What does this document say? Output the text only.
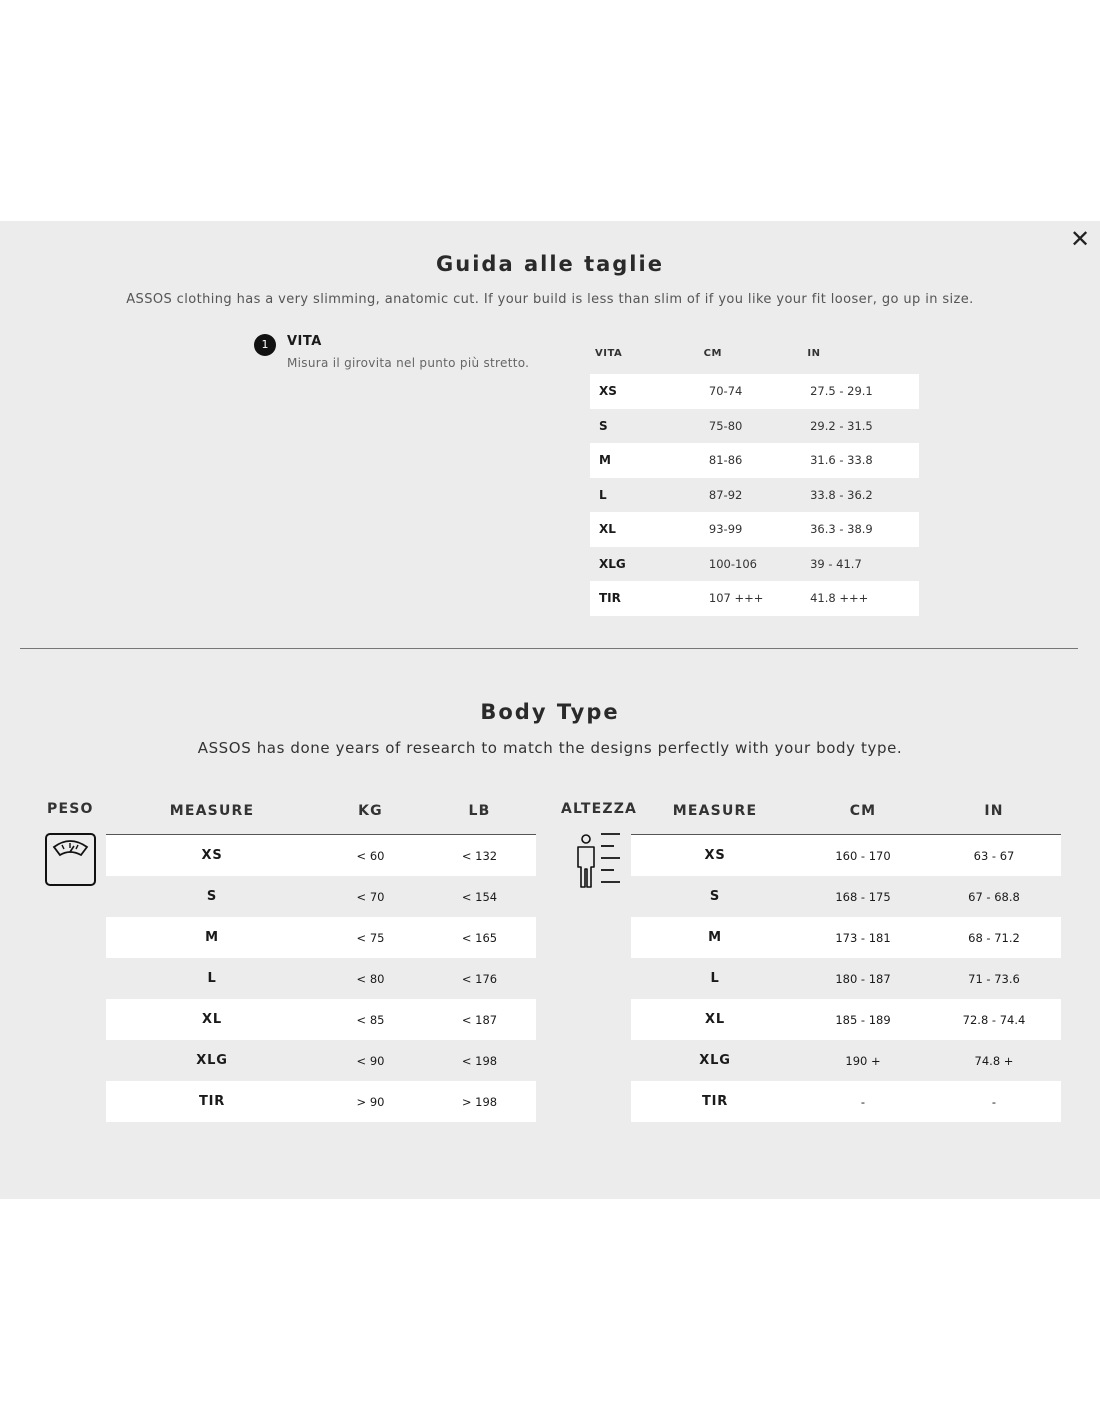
✕
Guida alle taglie
ASSOS clothing has a very slimming, anatomic cut. If your build is less than slim of if you like your fit looser, go up in size.
1	VITA
Misura il girovita nel punto più stretto.
VITA	CM	IN
XS	70-74	27.5 - 29.1
S	75-80	29.2 - 31.5
M	81-86	31.6 - 33.8
L	87-92	33.8 - 36.2
XL	93-99	36.3 - 38.9
XLG	100-106	39 - 41.7
TIR	107 +++	41.8 +++
Body Type
ASSOS has done years of research to match the designs perfectly with your body type.
PESO	MEASURE	KG	LB
XS	< 60	< 132
S	< 70	< 154
M	< 75	< 165
L	< 80	< 176
XL	< 85	< 187
XLG	< 90	< 198
TIR	> 90	> 198
ALTEZZA	MEASURE	CM	IN
XS	160 - 170	63 - 67
S	168 - 175	67 - 68.8
M	173 - 181	68 - 71.2
L	180 - 187	71 - 73.6
XL	185 - 189	72.8 - 74.4
XLG	190 +	74.8 +
TIR	-	-
